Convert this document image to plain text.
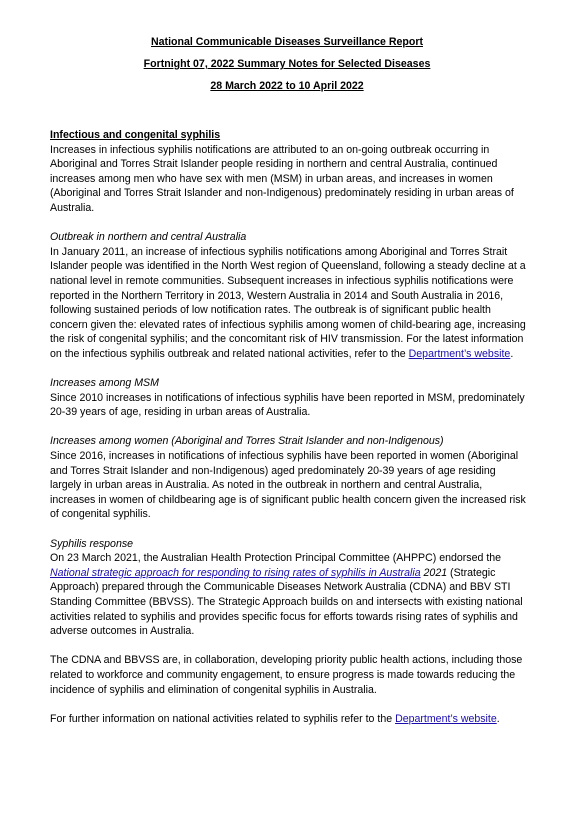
National Communicable Diseases Surveillance Report

Fortnight 07, 2022 Summary Notes for Selected Diseases

28 March 2022 to 10 April 2022

Infectious and congenital syphilis

Increases in infectious syphilis notifications are attributed to an on-going outbreak occurring in Aboriginal and Torres Strait Islander people residing in northern and central Australia, continued increases among men who have sex with men (MSM) in urban areas, and increases in women (Aboriginal and Torres Strait Islander and non-Indigenous) predominately residing in urban areas of Australia.

Outbreak in northern and central Australia

In January 2011, an increase of infectious syphilis notifications among Aboriginal and Torres Strait Islander people was identified in the North West region of Queensland, following a steady decline at a national level in remote communities. Subsequent increases in infectious syphilis notifications were reported in the Northern Territory in 2013, Western Australia in 2014 and South Australia in 2016, following sustained periods of low notification rates. The outbreak is of significant public health concern given the: elevated rates of infectious syphilis among women of child-bearing age, increasing the risk of congenital syphilis; and the concomitant risk of HIV transmission. For the latest information on the infectious syphilis outbreak and related national activities, refer to the Department’s website.

Increases among MSM

Since 2010 increases in notifications of infectious syphilis have been reported in MSM, predominately 20-39 years of age, residing in urban areas of Australia.

Increases among women (Aboriginal and Torres Strait Islander and non-Indigenous)

Since 2016, increases in notifications of infectious syphilis have been reported in women (Aboriginal and Torres Strait Islander and non-Indigenous) aged predominately 20-39 years of age residing largely in urban areas in Australia. As noted in the outbreak in northern and central Australia, increases in women of childbearing age is of significant public health concern given the increased risk of congenital syphilis.

Syphilis response

On 23 March 2021, the Australian Health Protection Principal Committee (AHPPC) endorsed the National strategic approach for responding to rising rates of syphilis in Australia 2021 (Strategic Approach) prepared through the Communicable Diseases Network Australia (CDNA) and BBV STI Standing Committee (BBVSS). The Strategic Approach builds on and intersects with existing national activities related to syphilis and provides specific focus for efforts towards rising rates of syphilis and adverse outcomes in Australia.

The CDNA and BBVSS are, in collaboration, developing priority public health actions, including those related to workforce and community engagement, to ensure progress is made towards reducing the incidence of syphilis and elimination of congenital syphilis in Australia.

For further information on national activities related to syphilis refer to the Department’s website.
